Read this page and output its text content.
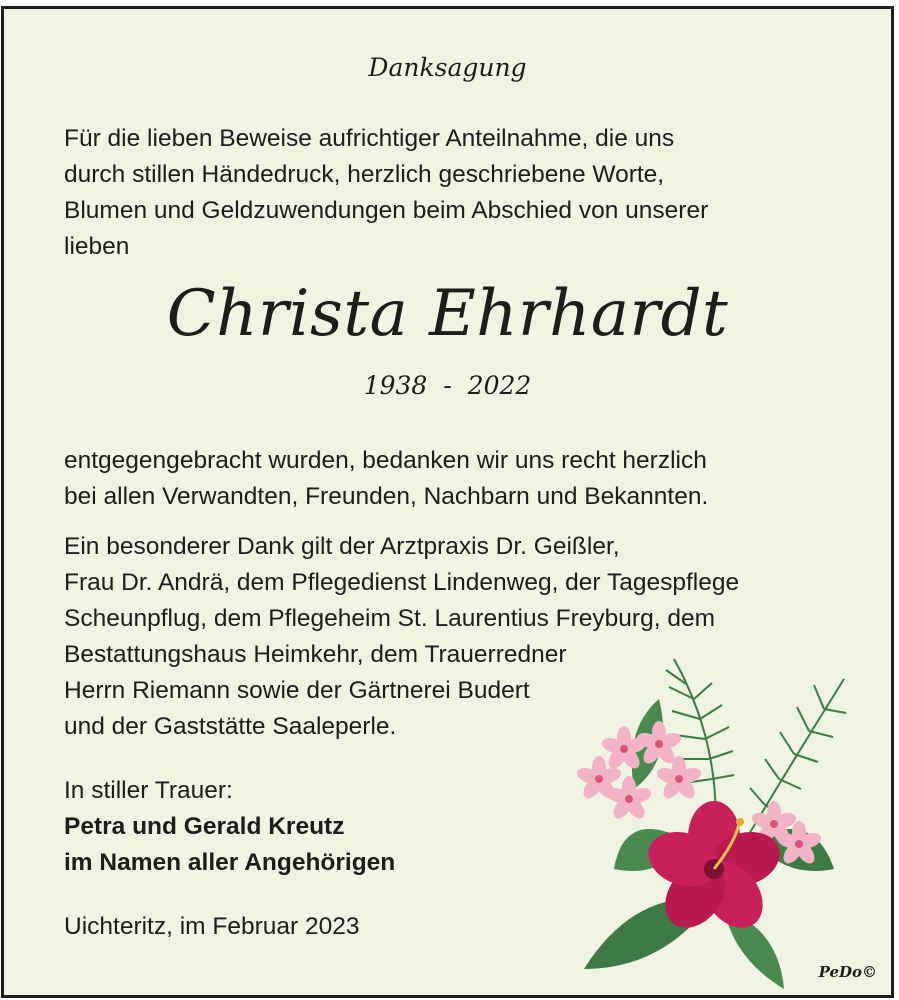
Danksagung
Für die lieben Beweise aufrichtiger Anteilnahme, die uns
durch stillen Händedruck, herzlich geschriebene Worte,
Blumen und Geldzuwendungen beim Abschied von unserer
lieben
Christa Ehrhardt
1938 - 2022
entgegengebracht wurden, bedanken wir uns recht herzlich
bei allen Verwandten, Freunden, Nachbarn und Bekannten.
Ein besonderer Dank gilt der Arztpraxis Dr. Geißler,
Frau Dr. Andrä, dem Pflegedienst Lindenweg, der Tagespflege
Scheunpflug, dem Pflegeheim St. Laurentius Freyburg, dem
Bestattungshaus Heimkehr, dem Trauerredner
Herrn Riemann sowie der Gärtnerei Budert
und der Gaststätte Saaleperle.
In stiller Trauer:
Petra und Gerald Kreutz
im Namen aller Angehörigen
Uichteritz, im Februar 2023
PeDo©
